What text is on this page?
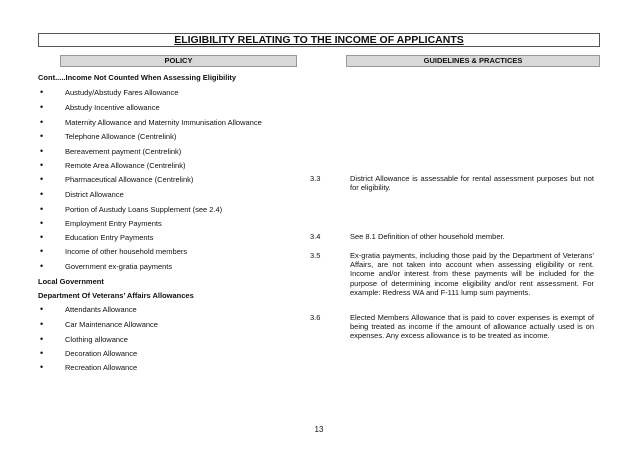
ELIGIBILITY RELATING TO THE INCOME OF APPLICANTS
POLICY	GUIDELINES & PRACTICES
Cont.....Income Not Counted When Assessing Eligibility
•	Austudy/Abstudy Fares Allowance
•	Abstudy Incentive allowance
•	Maternity Allowance and Maternity Immunisation Allowance
•	Telephone Allowance (Centrelink)
•	Bereavement payment (Centrelink)
•	Remote Area Allowance (Centrelink)
•	Pharmaceutical Allowance (Centrelink)
•	District Allowance
•	Portion of Austudy Loans Supplement (see 2.4)
•	Employment Entry Payments
•	Education Entry Payments
•	Income of other household members
•	Government ex-gratia payments
Local Government
Department Of Veterans’ Affairs Allowances
•	Attendants Allowance
•	Car Maintenance Allowance
•	Clothing allowance
•	Decoration Allowance
•	Recreation Allowance
3.3	District Allowance is assessable for rental assessment purposes but not for eligibility.
3.4	See 8.1 Definition of other household member.
3.5	Ex-gratia payments, including those paid by the Department of Veterans’ Affairs, are not taken into account when assessing eligibility or rent. Income and/or interest from these payments will be included for the purpose of determining income eligibility and/or rent assessment. For example: Redress WA and F-111 lump sum payments.
3.6	Elected Members Allowance that is paid to cover expenses is exempt of being treated as income if the amount of allowance actually used is on expenses. Any excess allowance is to be treated as income.
13
